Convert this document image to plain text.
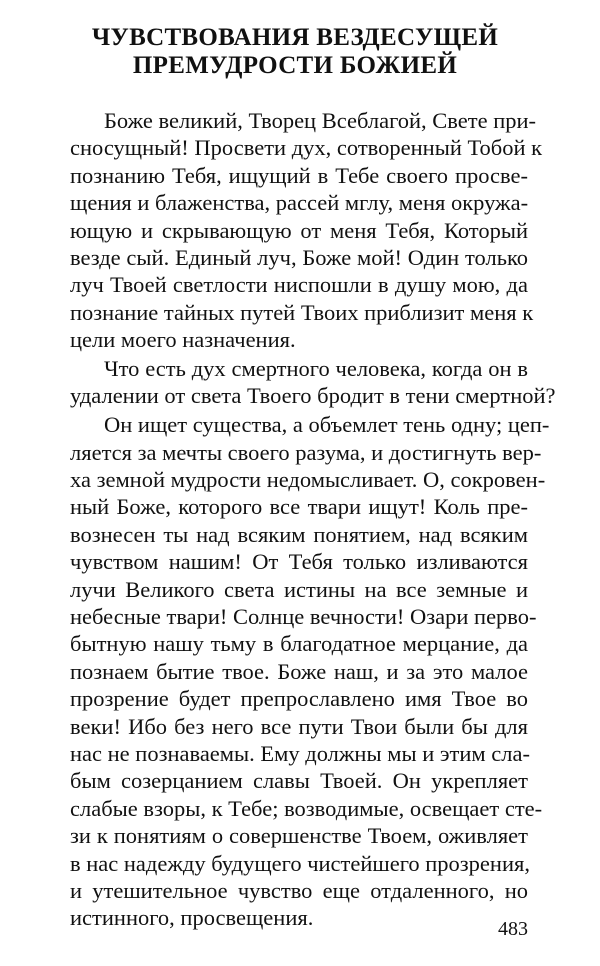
ЧУВСТВОВАНИЯ ВЕЗДЕСУЩЕЙ
ПРЕМУДРОСТИ БОЖИЕЙ
Боже великий, Творец Всеблагой, Свете при-
сносущный! Просвети дух, сотворенный Тобой к
познанию Тебя, ищущий в Тебе своего просве-
щения и блаженства, рассей мглу, меня окружа-
ющую и скрывающую от меня Тебя, Который
везде сый. Единый луч, Боже мой! Один только
луч Твоей светлости ниспошли в душу мою, да
познание тайных путей Твоих приблизит меня к
цели моего назначения.
Что есть дух смертного человека, когда он в
удалении от света Твоего бродит в тени смертной?
Он ищет существа, а объемлет тень одну; цеп-
ляется за мечты своего разума, и достигнуть вер-
ха земной мудрости недомысливает. О, сокровен-
ный Боже, которого все твари ищут! Коль пре-
вознесен ты над всяким понятием, над всяким
чувством нашим! От Тебя только изливаются
лучи Великого света истины на все земные и
небесные твари! Солнце вечности! Озари перво-
бытную нашу тьму в благодатное мерцание, да
познаем бытие твое. Боже наш, и за это малое
прозрение будет препрославлено имя Твое во
веки! Ибо без него все пути Твои были бы для
нас не познаваемы. Ему должны мы и этим сла-
бым созерцанием славы Твоей. Он укрепляет
слабые взоры, к Тебе; возводимые, освещает сте-
зи к понятиям о совершенстве Твоем, оживляет
в нас надежду будущего чистейшего прозрения,
и утешительное чувство еще отдаленного, но
истинного, просвещения.	483
